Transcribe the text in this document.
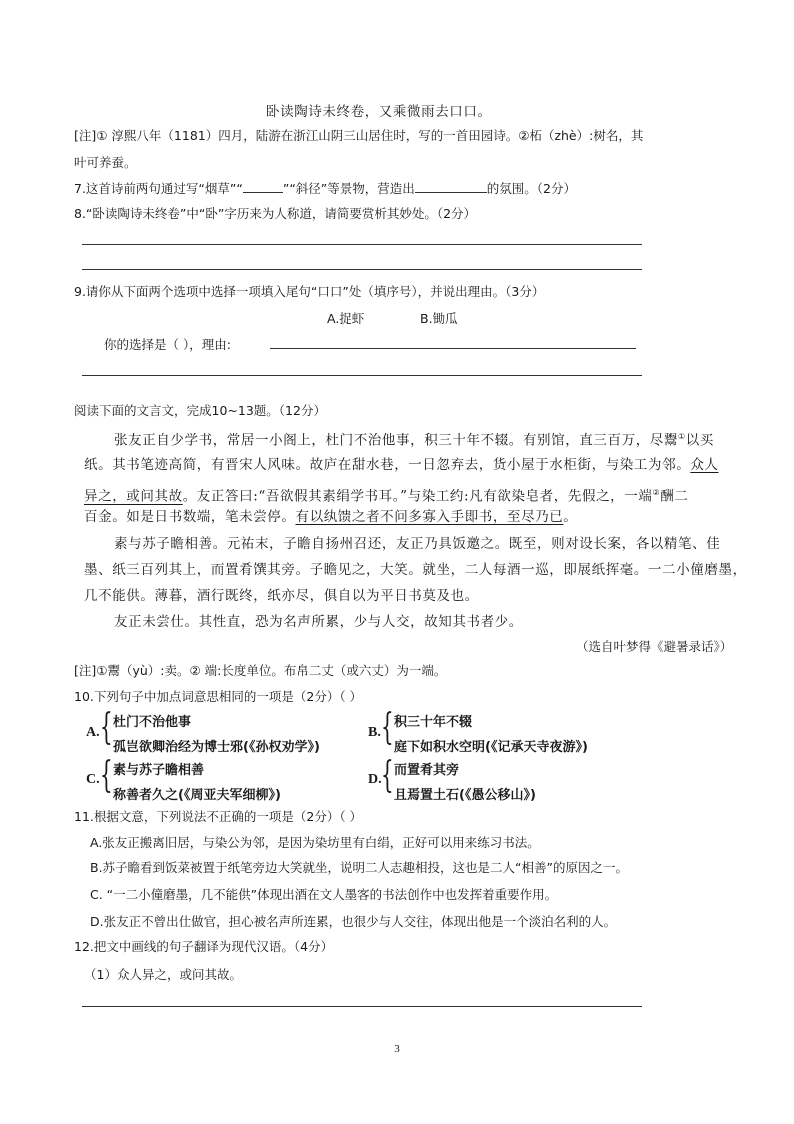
卧读陶诗未终卷，又乘微雨去口口。
[注]① 淳熙八年（1181）四月，陆游在浙江山阴三山居住时，写的一首田园诗。②柘（zhè）:树名，其
叶可养蚕。
7.这首诗前两句通过写“烟草”“	”“斜径”等景物，营造出	的氛围。（2分）
8.“卧读陶诗未终卷”中“卧”字历来为人称道，请简要赏析其妙处。（2分）
9.请你从下面两个选项中选择一项填入尾句“口口”处（填序号），并说出理由。（3分）
A.捉虾	B.锄瓜
你的选择是（ ），理由:
阅读下面的文言文，完成10~13题。（12分）
张友正自少学书，常居一小阁上，杜门不治他事，积三十年不辍。有别馆，直三百万，尽鬻①以买
纸。其书笔迹高简，有晋宋人风味。故庐在甜水巷，一日忽弃去，货小屋于水柜街，与染工为邻。众人
异之，或问其故。友正答曰:“吾欲假其素绢学书耳。”与染工约:凡有欲染皂者，先假之，一端②酬二
百金。如是日书数端，笔未尝停。有以纨馈之者不问多寡入手即书，至尽乃已。
素与苏子瞻相善。元祐末，子瞻自扬州召还，友正乃具饭邀之。既至，则对设长案，各以精笔、佳
墨、纸三百列其上，而置肴馔其旁。子瞻见之，大笑。就坐，二人每酒一巡，即展纸挥毫。一二小僮磨墨，
几不能供。薄暮，酒行既终，纸亦尽，俱自以为平日书莫及也。
友正未尝仕。其性直，恐为名声所累，少与人交，故知其书者少。
（选自叶梦得《避暑录话》）
[注]①鬻（yù）:卖。② 端:长度单位。布帛二丈（或六丈）为一端。
10.下列句子中加点词意思相同的一项是（2分）（ ）
A. { 杜门不治他事
孤岂欲卿治经为博士邪(《孙权劝学》)
B. { 积三十年不辍
庭下如积水空明(《记承天寺夜游》)
C. { 素与苏子瞻相善
称善者久之(《周亚夫军细柳》)
D. { 而置肴其旁
且焉置土石(《愚公移山》)
11.根据文意，下列说法不正确的一项是（2分）（ ）
A.张友正搬离旧居，与染公为邻，是因为染坊里有白绢，正好可以用来练习书法。
B.苏子瞻看到饭菜被置于纸笔旁边大笑就坐，说明二人志趣相投，这也是二人“相善”的原因之一。
C. “一二小僮磨墨，几不能供”体现出酒在文人墨客的书法创作中也发挥着重要作用。
D.张友正不曾出仕做官，担心被名声所连累，也很少与人交往，体现出他是一个淡泊名利的人。
12.把文中画线的句子翻译为现代汉语。（4分）
（1）众人异之，或问其故。
3
